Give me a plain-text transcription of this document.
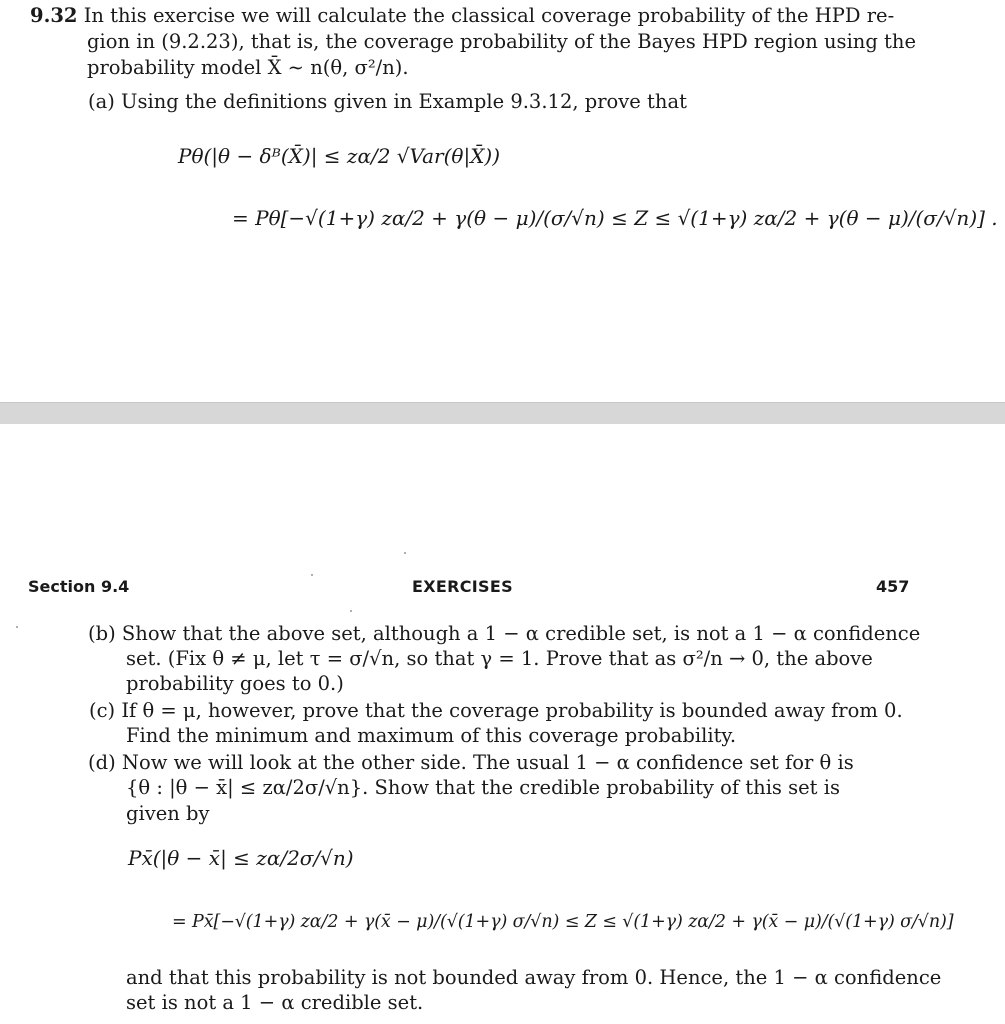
9.32 In this exercise we will calculate the classical coverage probability of the HPD re-
gion in (9.2.23), that is, the coverage probability of the Bayes HPD region using the
probability model X̄ ∼ n(θ, σ²/n).
(a) Using the definitions given in Example 9.3.12, prove that
Pθ(|θ − δᴮ(X̄)| ≤ zα/2 √Var(θ|X̄))
= Pθ[−√(1+γ) zα/2 + γ(θ − μ)/(σ/√n) ≤ Z ≤ √(1+γ) zα/2 + γ(θ − μ)/(σ/√n)] .
Section 9.4	EXERCISES	457
(b) Show that the above set, although a 1 − α credible set, is not a 1 − α confidence
set. (Fix θ ≠ μ, let τ = σ/√n, so that γ = 1. Prove that as σ²/n → 0, the above
probability goes to 0.)
(c) If θ = μ, however, prove that the coverage probability is bounded away from 0.
Find the minimum and maximum of this coverage probability.
(d) Now we will look at the other side. The usual 1 − α confidence set for θ is
{θ : |θ − x̄| ≤ zα/2σ/√n}. Show that the credible probability of this set is
given by
Px̄(|θ − x̄| ≤ zα/2σ/√n)
= Px̄[−√(1+γ) zα/2 + γ(x̄ − μ)/(√(1+γ) σ/√n) ≤ Z ≤ √(1+γ) zα/2 + γ(x̄ − μ)/(√(1+γ) σ/√n)]
and that this probability is not bounded away from 0. Hence, the 1 − α confidence
set is not a 1 − α credible set.
